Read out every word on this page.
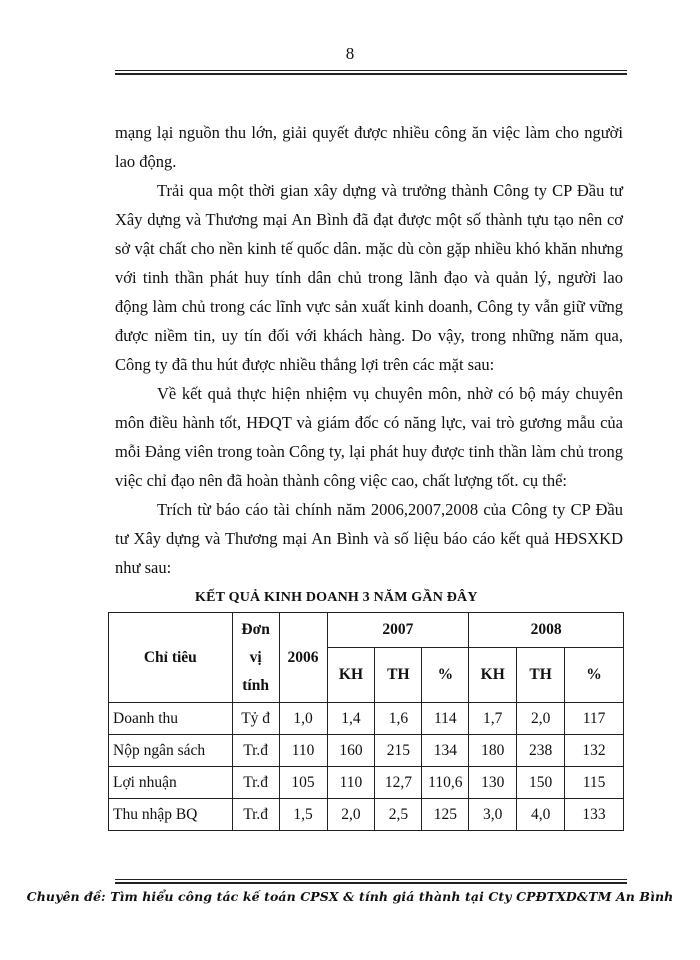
8

mạng lại nguồn thu lớn, giải quyết được nhiều công ăn việc làm cho người lao động.

Trải qua một thời gian xây dựng và trưởng thành Công ty CP Đầu tư Xây dựng và Thương mại An Bình đã đạt được một số thành tựu tạo nên cơ sở vật chất cho nền kinh tế quốc dân. mặc dù còn gặp nhiều khó khăn nhưng với tinh thần phát huy tính dân chủ trong lãnh đạo và quản lý, người lao động làm chủ trong các lĩnh vực sản xuất kinh doanh, Công ty vẫn giữ vững được niềm tin, uy tín đối với khách hàng. Do vậy, trong những năm qua, Công ty đã thu hút được nhiều thắng lợi trên các mặt sau:

Về kết quả thực hiện nhiệm vụ chuyên môn, nhờ có bộ máy chuyên môn điều hành tốt, HĐQT và giám đốc có năng lực, vai trò gương mẫu của mỗi Đảng viên trong toàn Công ty, lại phát huy được tinh thần làm chủ trong việc chỉ đạo nên đã hoàn thành công việc cao, chất lượng tốt. cụ thể:

Trích từ báo cáo tài chính năm 2006,2007,2008 của Công ty CP Đầu tư Xây dựng và Thương mại An Bình và số liệu báo cáo kết quả HĐSXKD như sau:

KẾT QUẢ KINH DOANH 3 NĂM GẦN ĐÂY
Chỉ tiêu	Đơn
vị
tính	2006	2007			2008		
			KH	TH	%	KH	TH	%
Doanh thu	Tỷ đ	1,0	1,4	1,6	114	1,7	2,0	117
Nộp ngân sách	Tr.đ	110	160	215	134	180	238	132
Lợi nhuận	Tr.đ	105	110	12,7	110,6	130	150	115
Thu nhập BQ	Tr.đ	1,5	2,0	2,5	125	3,0	4,0	133
Chuyên đề: Tìm hiểu công tác kế toán CPSX & tính giá thành tại Cty CPĐTXD&TM An Bình
